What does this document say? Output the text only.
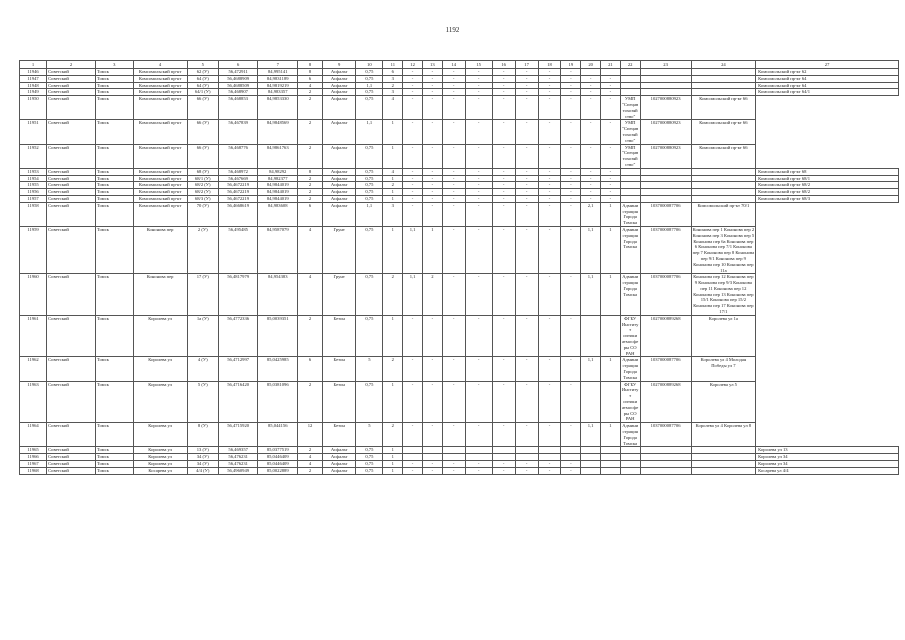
1192
1	2	3	4	5	6	7	8	9	10	11	12	13	14	15	16	17	18	19	20	21	22	23	24	27
11946	Советский	Томск	Комсомольский пр-кт	62 (У)	56,472911	84,995141	8	Асфальт	0,75	6	-	-	-	-	-	-	-	-						Комсомольский пр-кт 62
11947	Советский	Томск	Комсомольский пр-кт	64 (У)	56,4688909	84,9831189	6	Асфальт	0,75	3	-	-	-	-	-	-	-	-	-	-				Комсомольский пр-кт 64
11948	Советский	Томск	Комсомольский пр-кт	64 (У)	56,4688509	84,9819219	4	Асфальт	1,1	2	-	-	-	-	-	-	-	-	-	-				Комсомольский пр-кт 64
11949	Советский	Томск	Комсомольский пр-кт	64/1 (У)	56,468907	84,983357	2	Асфальт	0,75	3	-	-	-	-	-	-	-	-	-	-				Комсомольский пр-кт 64/1
11950	Советский	Томск	Комсомольский пр-кт	66 (У)	56,468853	84,9853330	2	Асфальт	0,75	4	-	-	-	-	-	-	-	-	-	-	УМП "Спецавтохозяйство"	1027000880923	Комсомольский пр-кт 66	
11951	Советский	Томск	Комсомольский пр-кт	66 (У)	56,467839	84,9848569	2	Асфальт	1,1	1	-	-	-	-	-	-	-	-	-	-	УМП "Спецавтохозяйство"	1027000880923	Комсомольский пр-кт 66	
11952	Советский	Томск	Комсомольский пр-кт	66 (У)	56,468776	84,9861763	2	Асфальт	0,75	1	-	-	-	-	-	-	-	-	-	-	УМП "Спецавтохозяйство"	1027000880923	Комсомольский пр-кт 66	
11953	Советский	Томск	Комсомольский пр-кт	68 (У)	56,468972	84,98292	8	Асфальт	0,75	4	-	-	-	-	-	-	-	-	-	-				Комсомольский пр-кт 68
11954	Советский	Томск	Комсомольский пр-кт	68/1 (У)	56,467669	84,982377	2	Асфальт	0,75	1	-	-	-	-	-	-	-	-	-	-				Комсомольский пр-кт 68/1
11955	Советский	Томск	Комсомольский пр-кт	68/2 (У)	56,4672219	84,9844019	2	Асфальт	0,75	2	-	-	-	-	-	-	-	-	-	-				Комсомольский пр-кт 68/2
11956	Советский	Томск	Комсомольский пр-кт	68/2 (У)	56,4672219	84,9844019	2	Асфальт	0,75	1	-	-	-	-	-	-	-	-	-	-				Комсомольский пр-кт 68/2
11957	Советский	Томск	Комсомольский пр-кт	68/3 (У)	56,4672219	84,9844019	2	Асфальт	0,75	1	-	-	-	-	-	-	-	-	-	-				Комсомольский пр-кт 68/3
11958	Советский	Томск	Комсомольский пр-кт	70 (У)	56,4668619	84,983608	6	Асфальт	1,1	3	-	-	-	-	-	-	-	-	2,1	1	Администрация Города Томска	1037000087706	Комсомольский пр-кт 70/1	
11959	Советский	Томск	Кононова пер	2 (У)	56,495485	84,9587079	4	Грунт	0,75	1	1,1	1	-	-	-	-	-	-	1,1	1	Администрация Города Томска	1037000087706	Кононова пер 1 Кононова пер 2 Кононова пер 3 Кононова пер 5 Кононова пер 6а Кононова пер 6 Кононова пер 7/1 Кононова пер 7 Кононова пер 8 Кононова пер 9/1 Кононова пер 9 Кононова пер 10 Кононова пер 11а	
11960	Советский	Томск	Кононова пер	17 (У)	56,4817979	84,954383	4	Грунт	0,75	2	1,1	2	-	-	-	-	-	-	1,1	1	Администрация Города Томска	1037000087706	Кононова пер 12 Кононова пер 9 Кононова пер 9/3 Кононова пер 11 Кононова пер 12 Кононова пер 13 Кононова пер 15/1 Кононова пер 15/2 Кононова пер 17 Кононова пер 17/1	
11961	Советский	Томск	Королева ул	1а (У)	56,4772336	85,0039351	2	Бетон	0,75	1	-	-	-	-	-	-	-	-			ФГБУ Институт оптики атмосферы СО РАН	1027000889268	Королева ул 1а	
11962	Советский	Томск	Королева ул	4 (У)	56,4712997	85,0425985	6	Бетон	5	2	-	-	-	-	-	-	-	-	1,1	1	Администрация Города Томска	1037000087706	Королева ул 4 Молодая Победы ул 7	
11963	Советский	Томск	Королева ул	5 (У)	56,4716420	85,0381096	2	Бетон	0,75	1	-	-	-	-	-	-	-	-			ФГБУ Институт оптики атмосферы СО РАН	1027000889268	Королева ул 5	
11964	Советский	Томск	Королева ул	8 (У)	56,4715920	85,044156	12	Бетон	5	2	-	-	-	-	-	-	-	-	1,1	1	Администрация Города Томска	1037000087706	Королева ул 4 Королева ул 8	
11965	Советский	Томск	Королева ул	13 (У)	56,469357	85,0377519	2	Асфальт	0,75	1														Королева ул 13
11966	Советский	Томск	Королева ул	34 (У)	56,476231	85,0446409	4	Асфальт	0,75	1														Королева ул 34
11967	Советский	Томск	Королева ул	34 (У)	56,476231	85,0446409	4	Асфальт	0,75	1	-	-	-	-	-	-	-	-						Королева ул 34
11968	Советский	Томск	Косарева ул	4/4 (У)	56,4960949	85,0022889	2	Асфальт	0,75	1	-	-	-	-	-	-	-	-						Косарева ул 4/4
